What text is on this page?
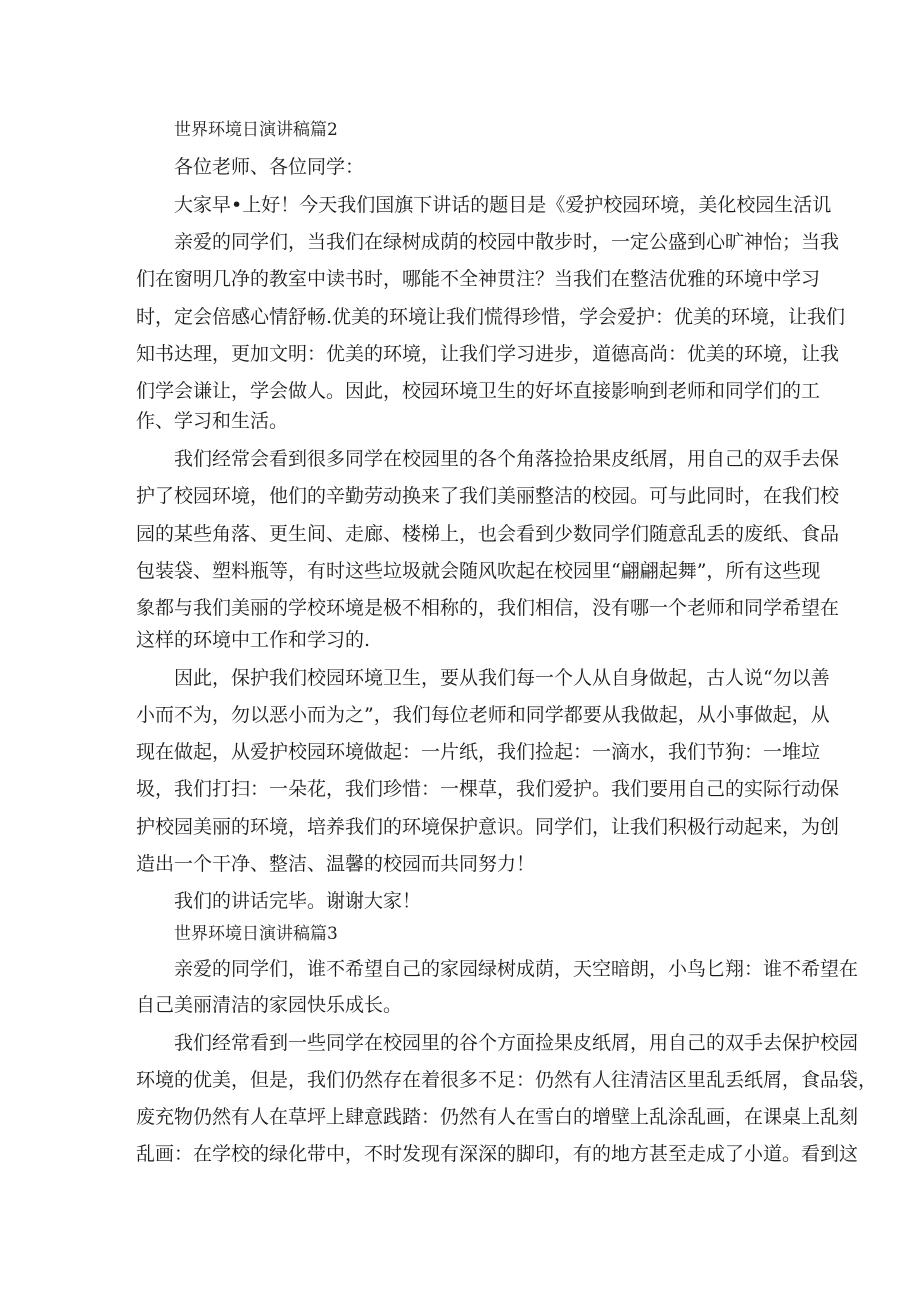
世界环境日演讲稿篇2
各位老师、各位同学：
大家早•上好！今天我们国旗下讲话的题目是《爱护校园环境，美化校园生活讥
亲爱的同学们，当我们在绿树成荫的校园中散步时，一定公盛到心旷神怡；当我
们在窗明几净的教室中读书时，哪能不全神贯注？当我们在整洁优雅的环境中学习
时，定会倍感心情舒畅.优美的环境让我们慌得珍惜，学会爱护：优美的环境，让我们
知书达理，更加文明：优美的环境，让我们学习进步，道德高尚：优美的环境，让我
们学会谦让，学会做人。因此，校园环境卫生的好坏直接影响到老师和同学们的工
作、学习和生活。
我们经常会看到很多同学在校园里的各个角落捡拾果皮纸屑，用自己的双手去保
护了校园环境，他们的辛勤劳动换来了我们美丽整洁的校园。可与此同时，在我们校
园的某些角落、更生间、走廊、楼梯上，也会看到少数同学们随意乱丢的废纸、食品
包装袋、塑料瓶等，有时这些垃圾就会随风吹起在校园里“翩翩起舞”，所有这些现
象都与我们美丽的学校环境是极不相称的，我们相信，没有哪一个老师和同学希望在
这样的环境中工作和学习的.
因此，保护我们校园环境卫生，要从我们每一个人从自身做起，古人说“勿以善
小而不为，勿以恶小而为之”，我们每位老师和同学都要从我做起，从小事做起，从
现在做起，从爱护校园环境做起：一片纸，我们捡起：一滴水，我们节狗：一堆垃
圾，我们打扫：一朵花，我们珍惜：一棵草，我们爱护。我们要用自己的实际行动保
护校园美丽的环境，培养我们的环境保护意识。同学们，让我们积极行动起来，为创
造出一个干净、整洁、温馨的校园而共同努力！
我们的讲话完毕。谢谢大家！
世界环境日演讲稿篇3
亲爱的同学们，谁不希望自己的家园绿树成荫，天空暗朗，小鸟匕翔：谁不希望在
自己美丽清洁的家园快乐成长。
我们经常看到一些同学在校园里的谷个方面捡果皮纸屑，用自己的双手去保护校园
环境的优美，但是，我们仍然存在着很多不足：仍然有人往清洁区里乱丢纸屑，食品袋，
废充物仍然有人在草坪上肆意践踏：仍然有人在雪白的增壁上乱涂乱画，在课桌上乱刻
乱画：在学校的绿化带中，不时发现有深深的脚印，有的地方甚至走成了小道。看到这
